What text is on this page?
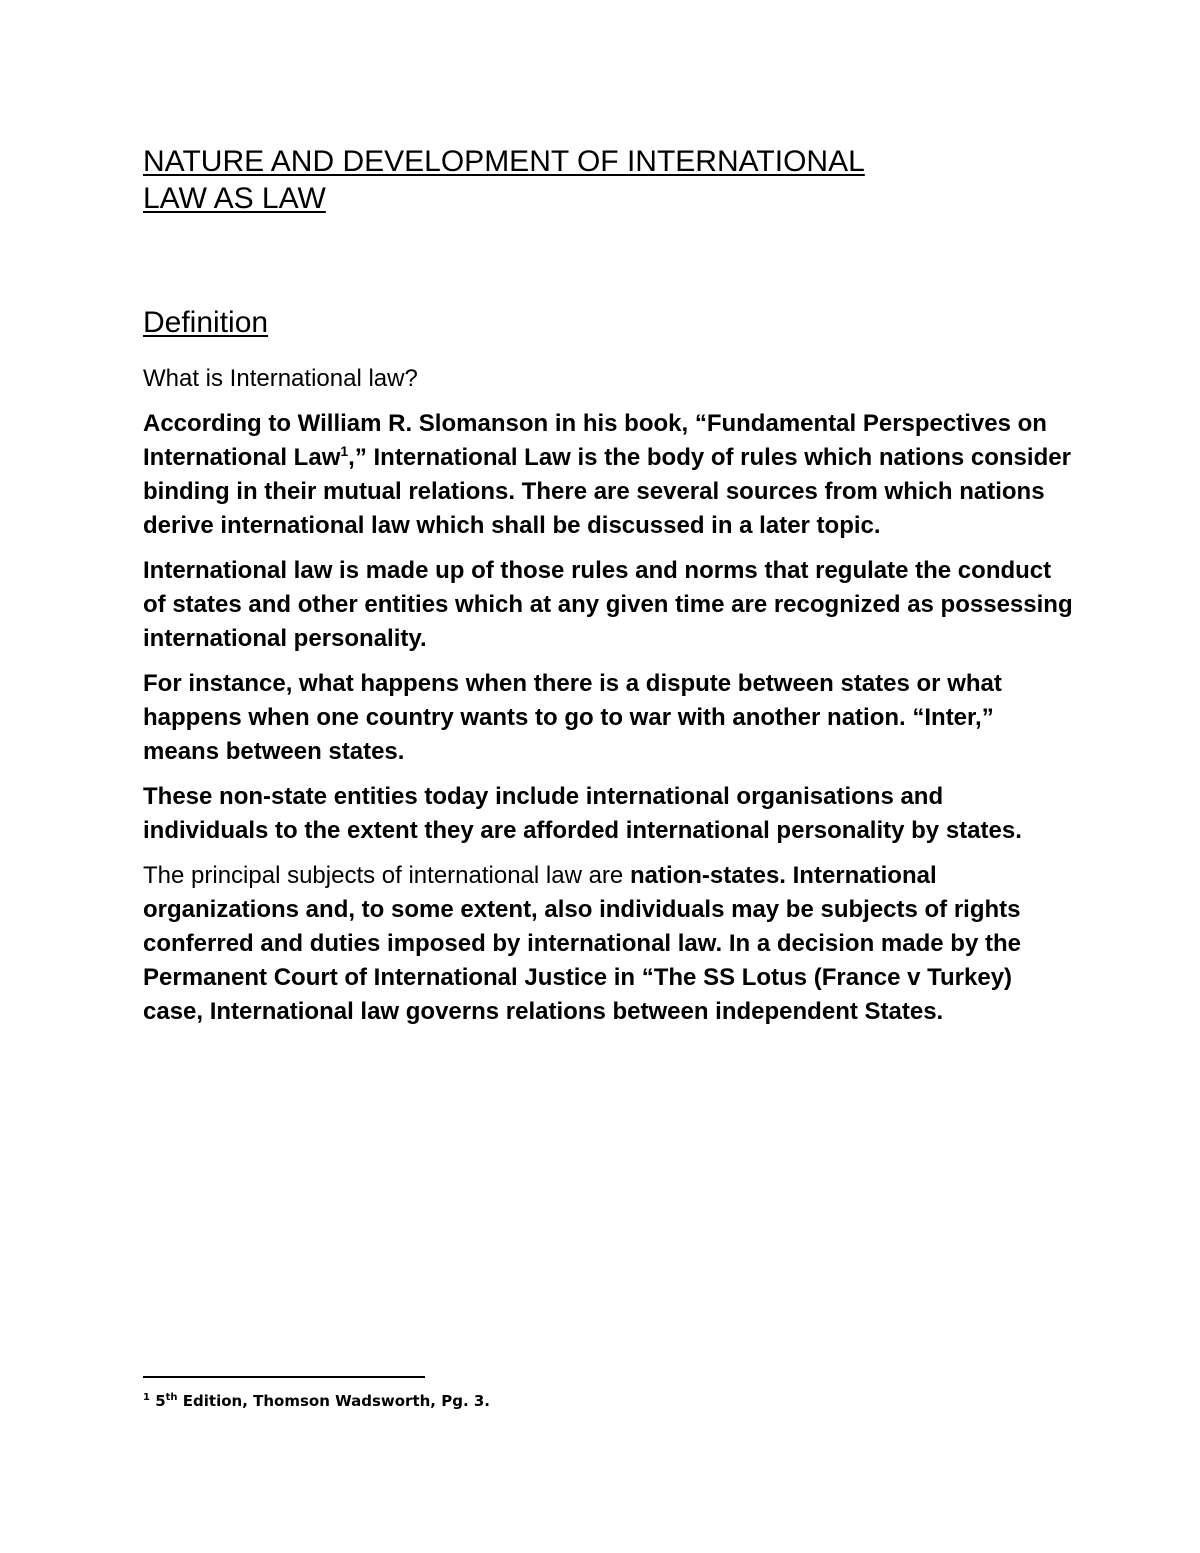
NATURE AND DEVELOPMENT OF INTERNATIONAL
LAW AS LAW
Definition

What is International law?

According to William R. Slomanson in his book, “Fundamental Perspectives on International Law$^1$,” International Law is the body of rules which nations consider binding in their mutual relations. There are several sources from which nations derive international law which shall be discussed in a later topic.

International law is made up of those rules and norms that regulate the conduct of states and other entities which at any given time are recognized as possessing international personality.

For instance, what happens when there is a dispute between states or what happens when one country wants to go to war with another nation. “Inter,” means between states.

These non-state entities today include international organisations and individuals to the extent they are afforded international personality by states.

The principal subjects of international law are nation-states. International organizations and, to some extent, also individuals may be subjects of rights conferred and duties imposed by international law. In a decision made by the Permanent Court of International Justice in “The SS Lotus (France v Turkey) case, International law governs relations between independent States.

$^1$ 5th Edition, Thomson Wadsworth, Pg. 3.
